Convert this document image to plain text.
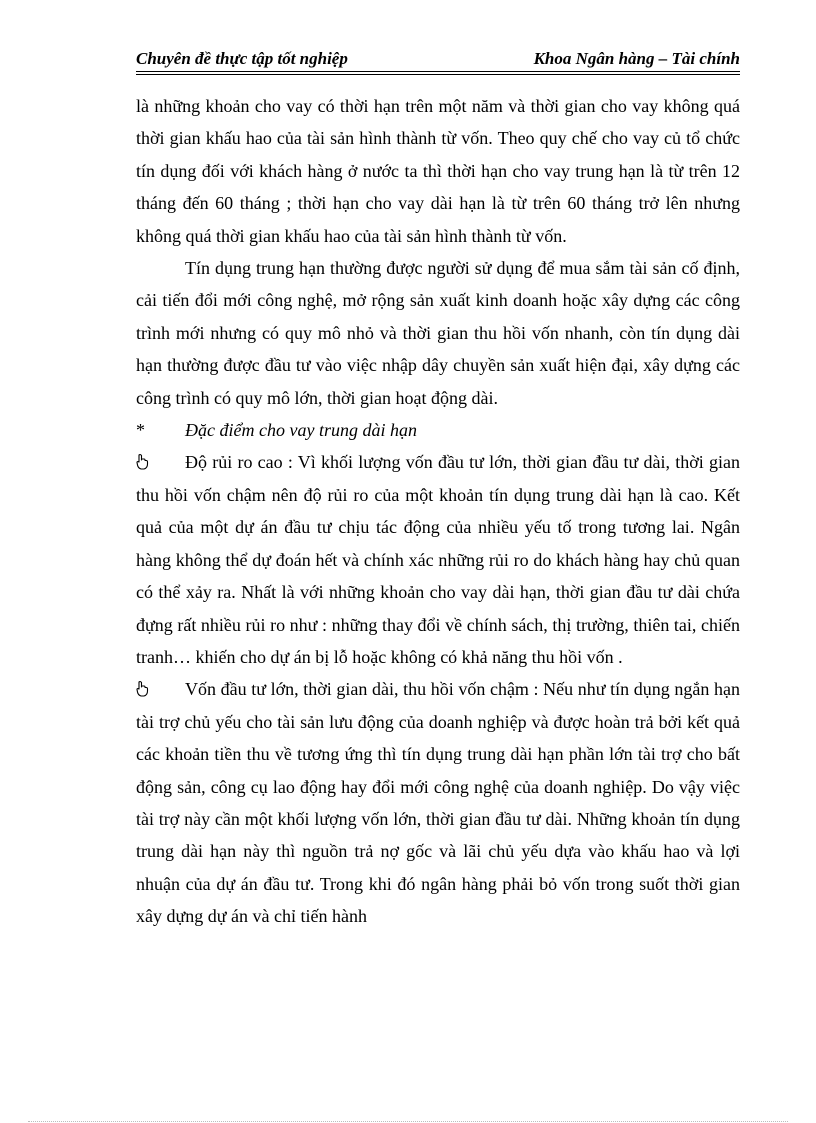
Chuyên đề thực tập tốt nghiệp	Khoa Ngân hàng – Tài chính

là những khoản cho vay có thời hạn trên một năm và thời gian cho vay không quá thời gian khấu hao của tài sản hình thành từ vốn. Theo quy chế cho vay củ tổ chức tín dụng đối với khách hàng ở nước ta thì thời hạn cho vay trung hạn là từ trên 12 tháng đến 60 tháng ; thời hạn cho vay dài hạn là từ trên 60 tháng trở lên nhưng không quá thời gian khấu hao của tài sản hình thành từ vốn.

Tín dụng trung hạn thường được người sử dụng để mua sắm tài sản cố định, cải tiến đổi mới công nghệ, mở rộng sản xuất kinh doanh hoặc xây dựng các công trình mới nhưng có quy mô nhỏ và thời gian thu hồi vốn nhanh, còn tín dụng dài hạn thường được đầu tư vào việc nhập dây chuyền sản xuất hiện đại, xây dựng các công trình có quy mô lớn, thời gian hoạt động dài.

*	Đặc điểm cho vay trung dài hạn

Độ rủi ro cao : Vì khối lượng vốn đầu tư lớn, thời gian đầu tư dài, thời gian thu hồi vốn chậm nên độ rủi ro của một khoản tín dụng trung dài hạn là cao. Kết quả của một dự án đầu tư chịu tác động của nhiều yếu tố trong tương lai. Ngân hàng không thể dự đoán hết và chính xác những rủi ro do khách hàng hay chủ quan có thể xảy ra. Nhất là với những khoản cho vay dài hạn, thời gian đầu tư dài chứa đựng rất nhiều rủi ro như : những thay đổi về chính sách, thị trường, thiên tai, chiến tranh… khiến cho dự án bị lỗ hoặc không có khả năng thu hồi vốn .

Vốn đầu tư lớn, thời gian dài, thu hồi vốn chậm : Nếu như tín dụng ngắn hạn tài trợ chủ yếu cho tài sản lưu động của doanh nghiệp và được hoàn trả bởi kết quả các khoản tiền thu về tương ứng thì tín dụng trung dài hạn phần lớn tài trợ cho bất động sản, công cụ lao động hay đổi mới công nghệ của doanh nghiệp. Do vậy việc tài trợ này cần một khối lượng vốn lớn, thời gian đầu tư dài. Những khoản tín dụng trung dài hạn này thì nguồn trả nợ gốc và lãi chủ yếu dựa vào khấu hao và lợi nhuận của dự án đầu tư. Trong khi đó ngân hàng phải bỏ vốn trong suốt thời gian xây dựng dự án và chỉ tiến hành
